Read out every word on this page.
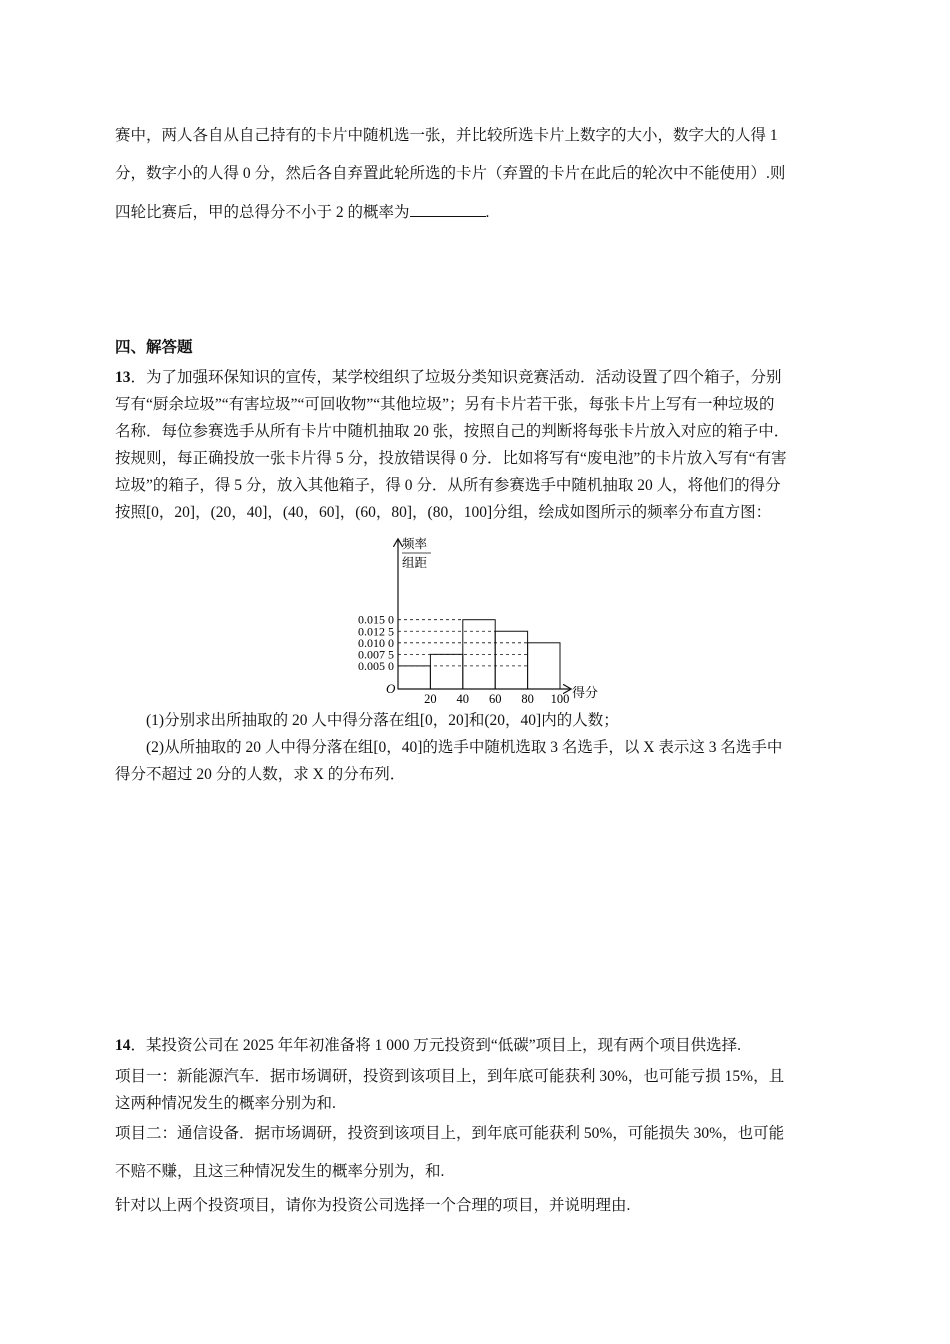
赛中，两人各自从自己持有的卡片中随机选一张，并比较所选卡片上数字的大小，数字大的人得 1
分，数字小的人得 0 分，然后各自弃置此轮所选的卡片（弃置的卡片在此后的轮次中不能使用）.则
四轮比赛后，甲的总得分不小于 2 的概率为	.
四、解答题
13．为了加强环保知识的宣传，某学校组织了垃圾分类知识竞赛活动．活动设置了四个箱子，分别
写有“厨余垃圾”“有害垃圾”“可回收物”“其他垃圾”；另有卡片若干张，每张卡片上写有一种垃圾的
名称．每位参赛选手从所有卡片中随机抽取 20 张，按照自己的判断将每张卡片放入对应的箱子中．
按规则，每正确投放一张卡片得 5 分，投放错误得 0 分．比如将写有“废电池”的卡片放入写有“有害
垃圾”的箱子，得 5 分，放入其他箱子，得 0 分．从所有参赛选手中随机抽取 20 人，将他们的得分
按照[0，20]，(20，40]，(40，60]，(60，80]，(80，100]分组，绘成如图所示的频率分布直方图：
0.005 0
0.007 5
0.010 0
0.012 5
0.015 0
20 40 60 80 100
频率
组距
O	得分
(1)分别求出所抽取的 20 人中得分落在组[0，20]和(20，40]内的人数；
(2)从所抽取的 20 人中得分落在组[0，40]的选手中随机选取 3 名选手，以 X 表示这 3 名选手中
得分不超过 20 分的人数，求 X 的分布列．
14．某投资公司在 2025 年年初准备将 1 000 万元投资到“低碳”项目上，现有两个项目供选择.
项目一：新能源汽车．据市场调研，投资到该项目上，到年底可能获利 30%，也可能亏损 15%，且
这两种情况发生的概率分别为和.
项目二：通信设备．据市场调研，投资到该项目上，到年底可能获利 50%，可能损失 30%，也可能
不赔不赚，且这三种情况发生的概率分别为，和.
针对以上两个投资项目，请你为投资公司选择一个合理的项目，并说明理由.
